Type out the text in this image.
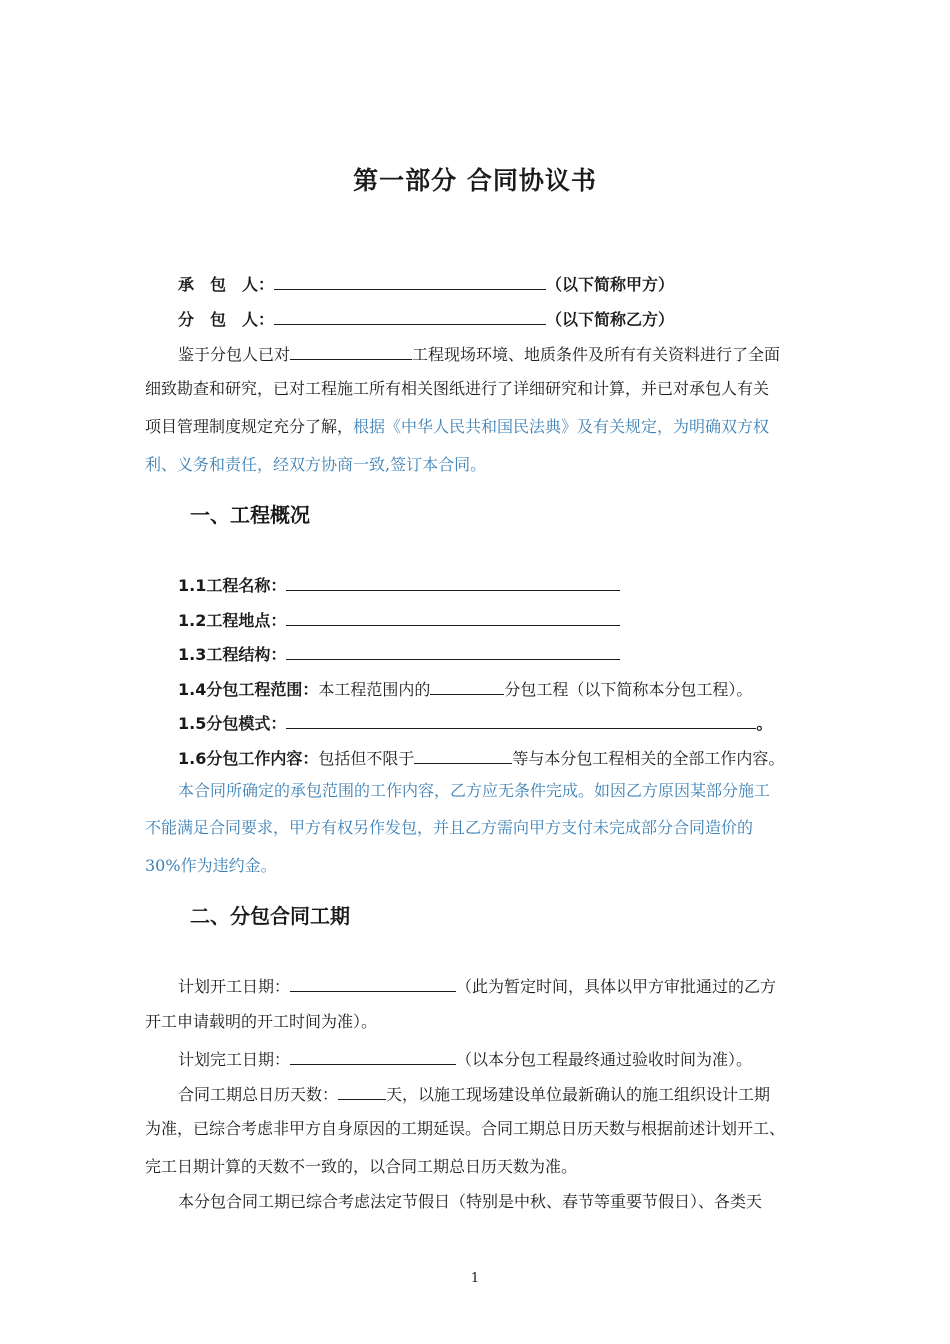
第一部分 合同协议书
承　包　人：	（以下简称甲方）
分　包　人：	（以下简称乙方）
鉴于分包人已对	工程现场环境、地质条件及所有有关资料进行了全面
细致勘查和研究，已对工程施工所有相关图纸进行了详细研究和计算，并已对承包人有关
项目管理制度规定充分了解，根据《中华人民共和国民法典》及有关规定，为明确双方权
利、义务和责任，经双方协商一致,签订本合同。
一、工程概况
1.1工程名称：
1.2工程地点：
1.3工程结构：
1.4分包工程范围：本工程范围内的	分包工程（以下简称本分包工程）。
1.5分包模式：	。
1.6分包工作内容：包括但不限于	等与本分包工程相关的全部工作内容。
本合同所确定的承包范围的工作内容，乙方应无条件完成。如因乙方原因某部分施工
不能满足合同要求，甲方有权另作发包，并且乙方需向甲方支付未完成部分合同造价的
30%作为违约金。
二、分包合同工期
计划开工日期：	（此为暂定时间，具体以甲方审批通过的乙方
开工申请载明的开工时间为准）。
计划完工日期：	（以本分包工程最终通过验收时间为准）。
合同工期总日历天数：	天，以施工现场建设单位最新确认的施工组织设计工期
为准，已综合考虑非甲方自身原因的工期延误。合同工期总日历天数与根据前述计划开工、
完工日期计算的天数不一致的，以合同工期总日历天数为准。
本分包合同工期已综合考虑法定节假日（特别是中秋、春节等重要节假日）、各类天
1
